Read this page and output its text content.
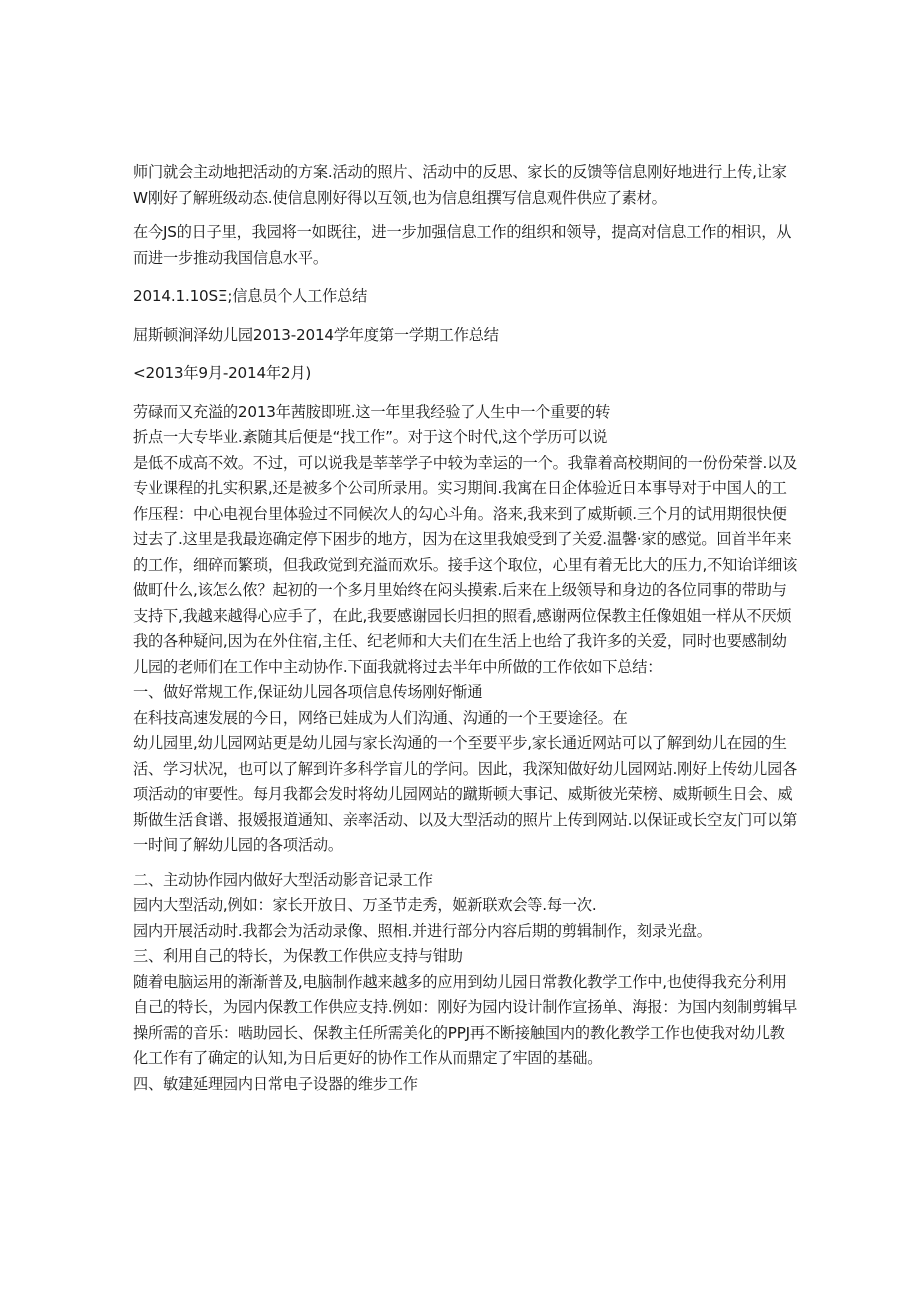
师门就会主动地把活动的方案.活动的照片、活动中的反思、家长的反馈等信息刚好地进行上传,让家
W刚好了解班级动态.使信息刚好得以互领,也为信息组撰写信息观件供应了素材。
在今JS的日子里，我园将一如既往，进一步加强信息工作的组织和领导，提高对信息工作的相识，从
而进一步推动我国信息水平。
2014.1.10SΞ;信息员个人工作总结
屈斯顿涧泽幼儿园2013-2014学年度第一学期工作总结
<2013年9月-2014年2月)
劳碌而又充溢的2013年茜胺即班.这一年里我经验了人生中一个重要的转
折点一大专毕业.紊随其后便是“找工作”。对于这个时代,这个学历可以说
是低不成高不效。不过，可以说我是莘莘学子中较为幸运的一个。我靠着高校期间的一份份荣誉.以及
专业课程的扎实积累,还是被多个公司所录用。实习期间.我寓在日企体验近日本事导对于中国人的工
作压程：中心电视台里体验过不同候次人的勾心斗角。洛来,我来到了威斯顿.三个月的试用期很快便
过去了.这里是我最迩确定停下困步的地方，因为在这里我娘受到了关爱.温馨·家的感觉。回首半年来
的工作，细碎而繁琐，但我政觉到充溢而欢乐。接手这个取位，心里有着无比大的压力,不知诒详细该
做町什么,该怎么侬？起初的一个多月里始终在闷头摸索.后来在上级领导和身边的各位同事的带助与
支持下,我越来越得心应手了，在此,我要感谢园长归担的照看,感谢两位保教主任像姐姐一样从不厌烦
我的各种疑问,因为在外住宿,主任、纪老师和大夫们在生活上也给了我许多的关爱，同时也要感制幼
儿园的老师们在工作中主动协作.下面我就将过去半年中所做的工作依如下总结：
一、做好常规工作,保证幼儿园各项信息传场刚好惭通
在科技高速发展的今日，网络已娃成为人们沟通、沟通的一个王要途径。在
幼儿园里,幼儿园网站更是幼儿园与家长沟通的一个至要平步,家长通近网站可以了解到幼儿在园的生
活、学习状况，也可以了解到许多科学盲儿的学问。因此，我深知做好幼儿园网站.刚好上传幼儿园各
项活动的审要性。每月我都会发时将幼儿园网站的蹴斯顿大事记、威斯彼光荣榜、威斯顿生日会、威
斯做生活食谱、报媛报道通知、亲率活动、以及大型活动的照片上传到网站.以保证或长空友门可以第
一时间了解幼儿园的各项活动。
二、主动协作园内做好大型活动影音记录工作
园内大型活动,例如：家长开放日、万圣节走秀，姬新联欢会等.每一次.
园内开展活动时.我都会为活动录像、照相.并进行部分内容后期的剪辑制作，刻录光盘。
三、利用自己的特长，为保教工作供应支持与钳助
随着电脑运用的渐渐普及,电脑制作越来越多的应用到幼儿园日常教化教学工作中,也使得我充分利用
自己的特长，为园内保教工作供应支持.例如：刚好为园内设计制作宣扬单、海报：为国内刻制剪辑早
操所需的音乐：啮助园长、保教主任所需美化的PPJ再不断接触国内的教化教学工作也使我对幼儿教
化工作有了确定的认知,为日后更好的协作工作从而鼎定了牢固的基础。
四、敏建延理园内日常电子设器的维步工作
